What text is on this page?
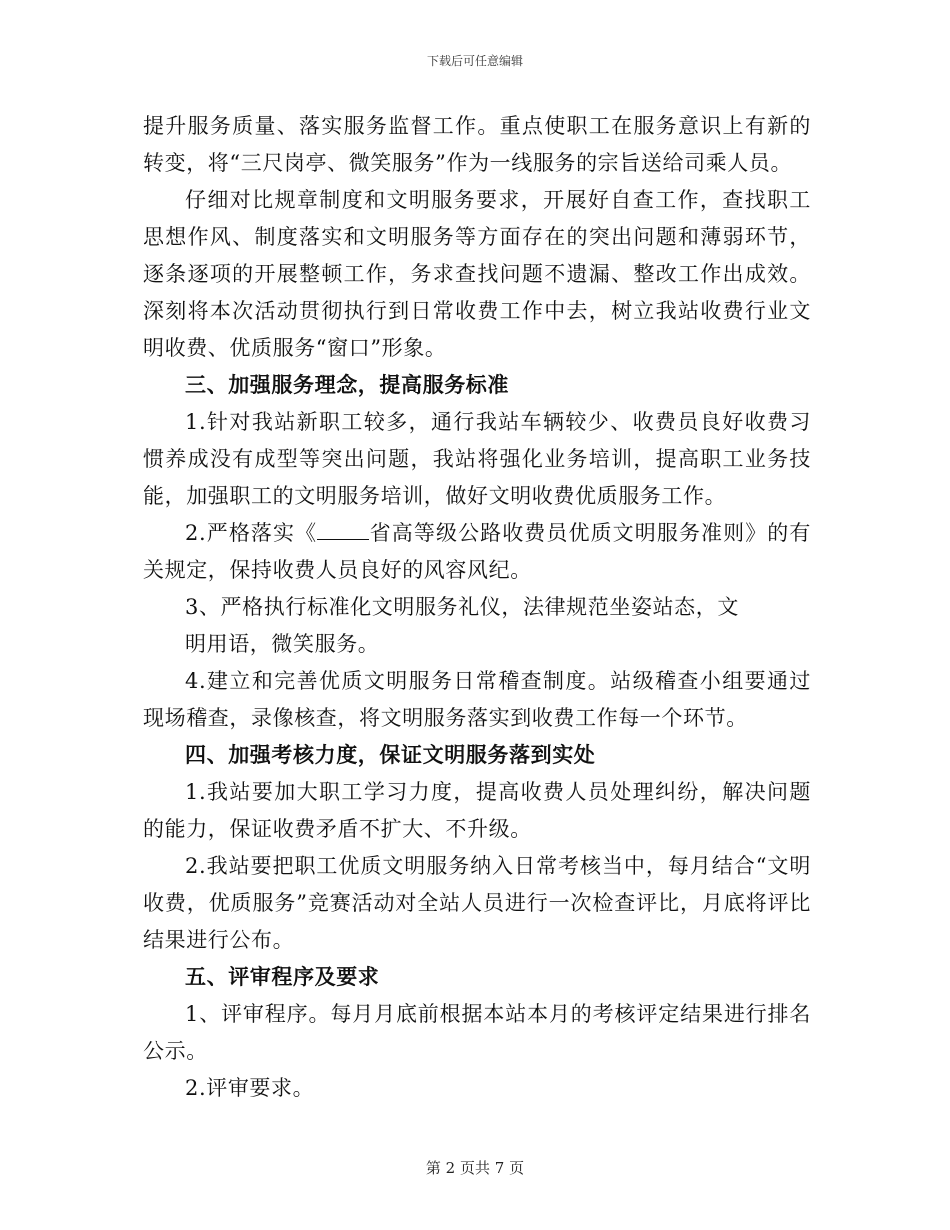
下载后可任意编辑

提升服务质量、落实服务监督工作。重点使职工在服务意识上有新的转变，将“三尺岗亭、微笑服务”作为一线服务的宗旨送给司乘人员。

仔细对比规章制度和文明服务要求，开展好自查工作，查找职工思想作风、制度落实和文明服务等方面存在的突出问题和薄弱环节，逐条逐项的开展整顿工作，务求查找问题不遗漏、整改工作出成效。深刻将本次活动贯彻执行到日常收费工作中去，树立我站收费行业文明收费、优质服务“窗口”形象。

三、加强服务理念，提高服务标准

1.针对我站新职工较多，通行我站车辆较少、收费员良好收费习惯养成没有成型等突出问题，我站将强化业务培训，提高职工业务技能，加强职工的文明服务培训，做好文明收费优质服务工作。

2.严格落实《 省高等级公路收费员优质文明服务准则》的有关规定，保持收费人员良好的风容风纪。

3、严格执行标准化文明服务礼仪，法律规范坐姿站态，文

明用语，微笑服务。

4.建立和完善优质文明服务日常稽查制度。站级稽查小组要通过现场稽查，录像核查，将文明服务落实到收费工作每一个环节。

四、加强考核力度，保证文明服务落到实处

1.我站要加大职工学习力度，提高收费人员处理纠纷，解决问题的能力，保证收费矛盾不扩大、不升级。

2.我站要把职工优质文明服务纳入日常考核当中，每月结合“文明收费，优质服务”竞赛活动对全站人员进行一次检查评比，月底将评比结果进行公布。

五、评审程序及要求

1、评审程序。每月月底前根据本站本月的考核评定结果进行排名公示。

2.评审要求。

第 2 页共 7 页
